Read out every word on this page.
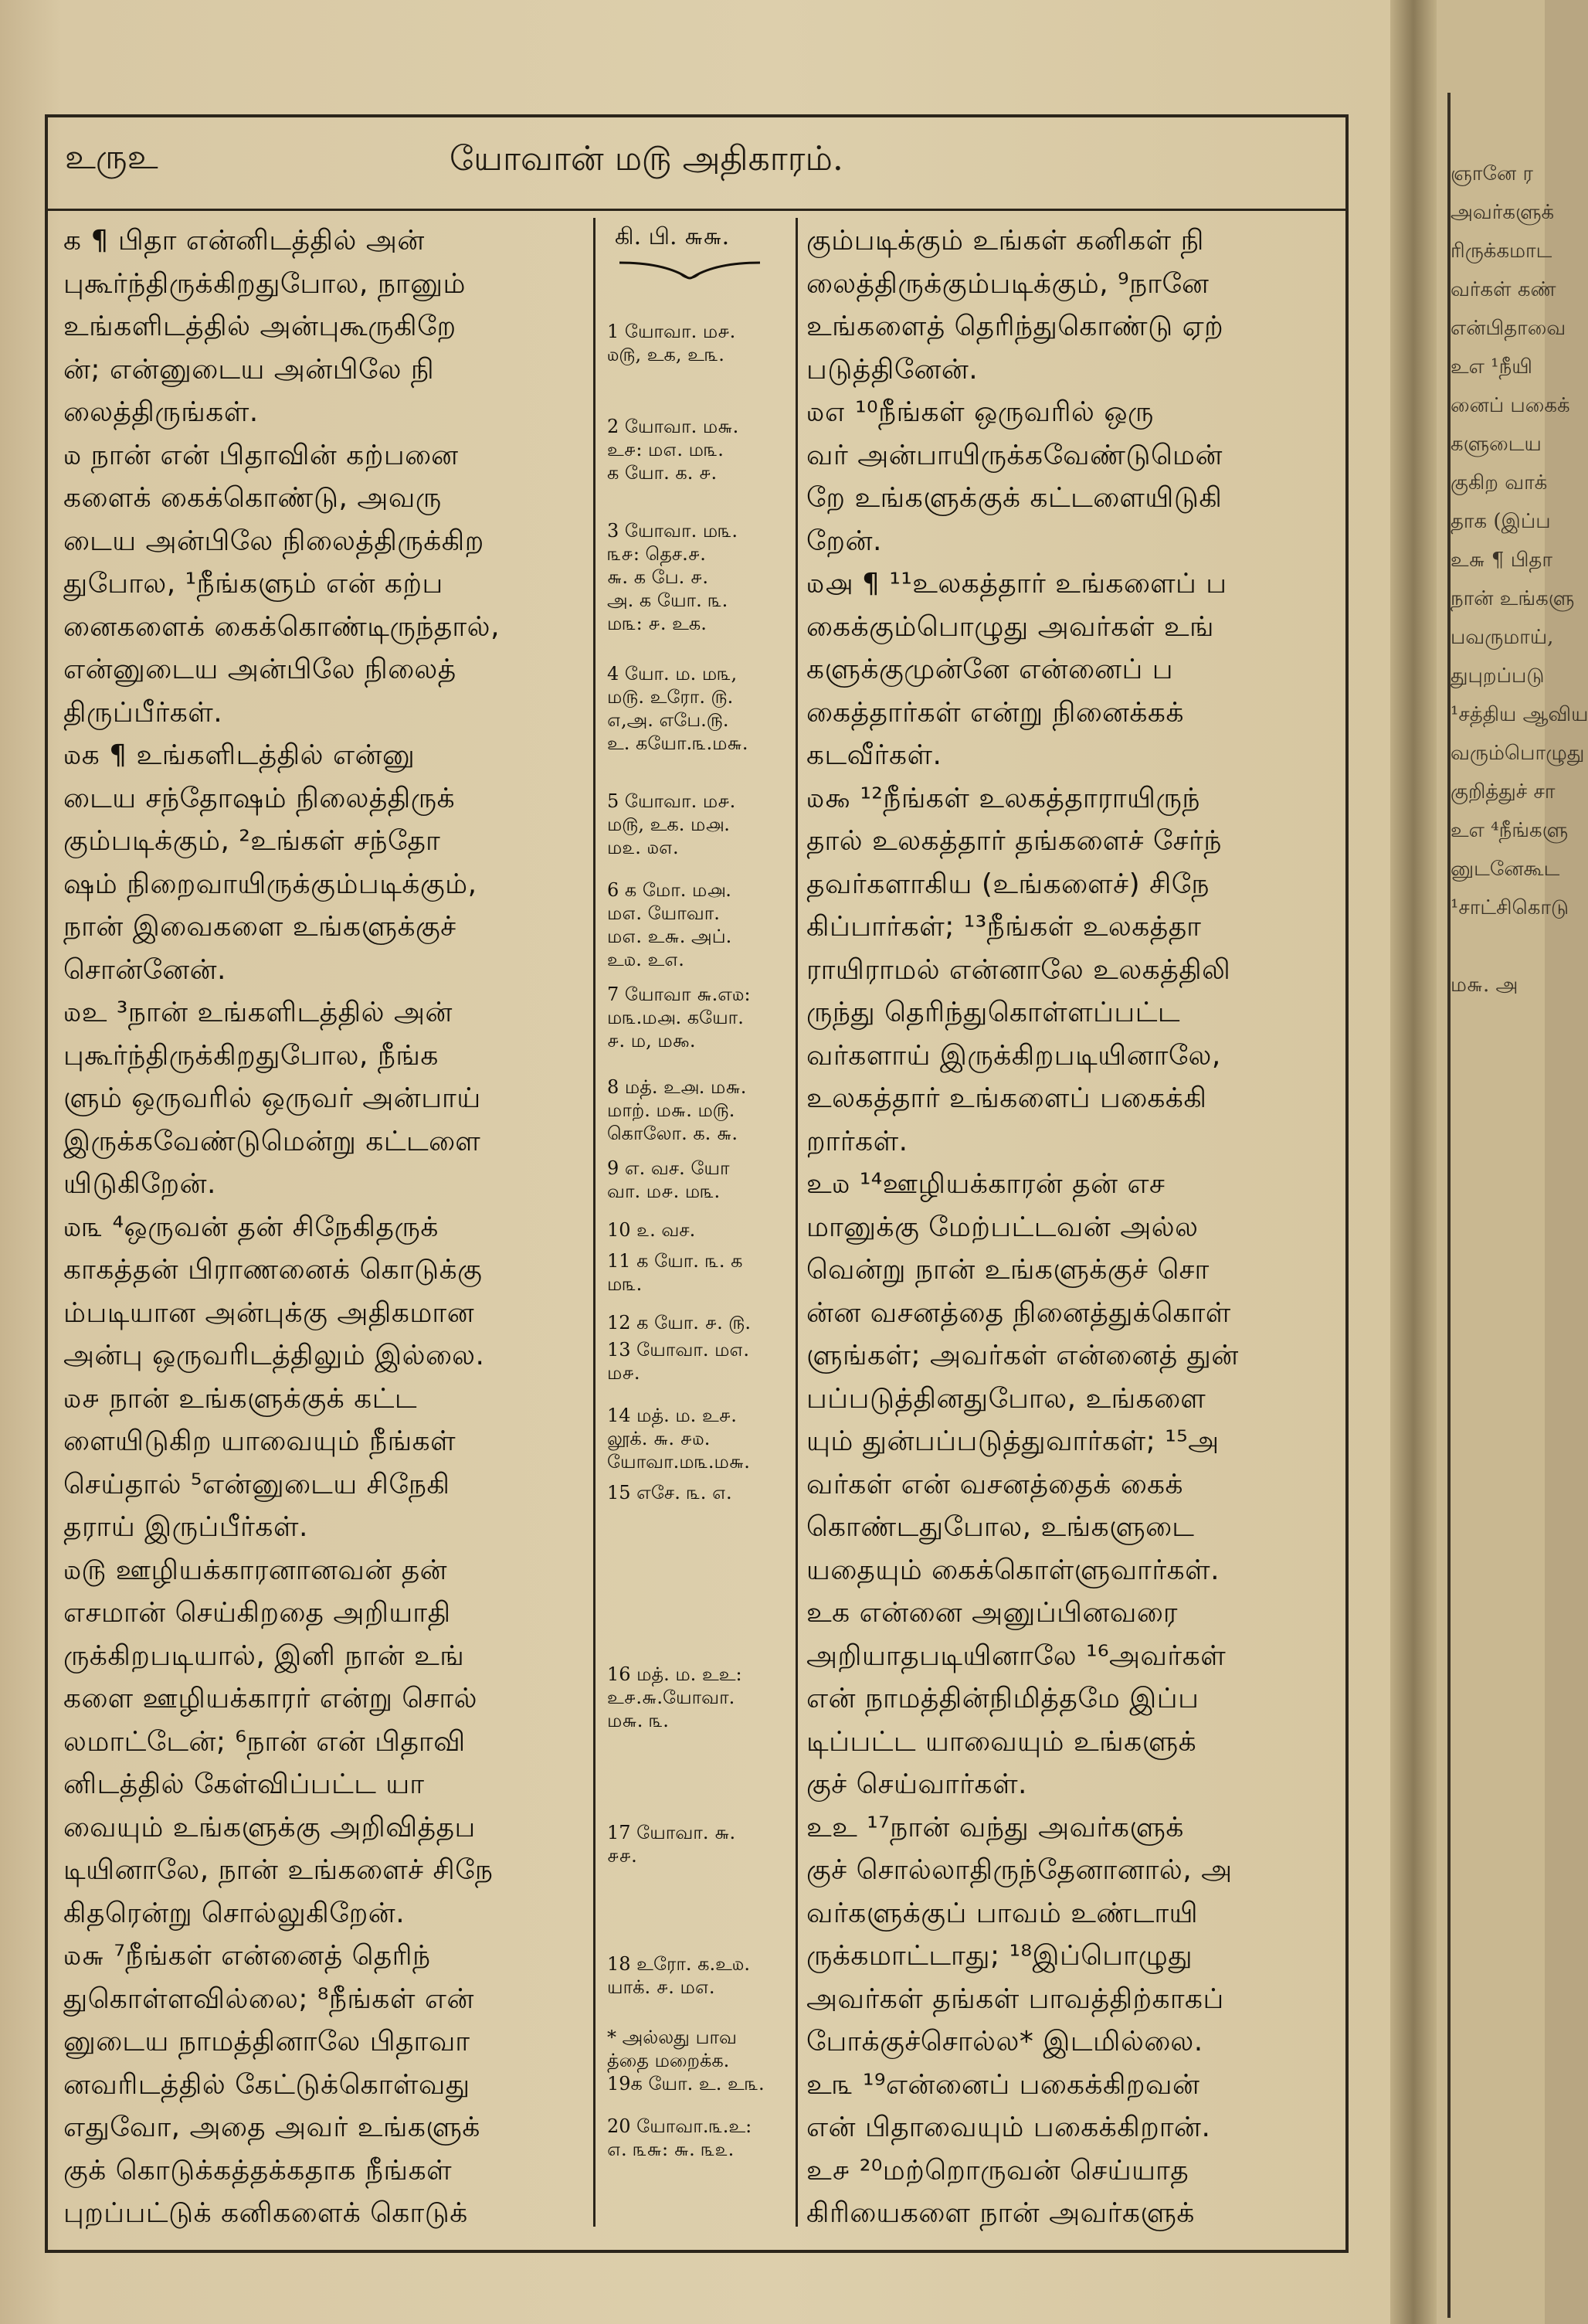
ஞானே ர
அவர்களுக்
ரிருக்கமாட
வர்கள் கண்
என்பிதாவை
உஎ ¹நீயி
னைப் பகைக்
களுடைய
குகிற வாக்
தாக (இப்ப
உ௬ ¶ பிதா
நான் உங்களு
பவருமாய்,
துபுறப்படு
¹சத்திய ஆவிய
வரும்பொழுது
குறித்துச் சா
உஎ ⁴நீங்களு
னுடனேகூட
¹சாட்சிகொடு
ம௬. அ
உருஉ	யோவான் ம௫ அதிகாரம்.
க ¶ பிதா என்னிடத்தில் அன்
புகூர்ந்திருக்கிறதுபோல, நானும்
உங்களிடத்தில் அன்புகூருகிறே
ன்; என்னுடைய அன்பிலே நி
லைத்திருங்கள்.
௰ நான் என் பிதாவின் கற்பனை
களைக் கைக்கொண்டு, அவரு
டைய அன்பிலே நிலைத்திருக்கிற
துபோல, ¹நீங்களும் என் கற்ப
னைகளைக் கைக்கொண்டிருந்தால்,
என்னுடைய அன்பிலே நிலைத்
திருப்பீர்கள்.
௰க ¶ உங்களிடத்தில் என்னு
டைய சந்தோஷம் நிலைத்திருக்
கும்படிக்கும், ²உங்கள் சந்தோ
ஷம் நிறைவாயிருக்கும்படிக்கும்,
நான் இவைகளை உங்களுக்குச்
சொன்னேன்.
௰உ ³நான் உங்களிடத்தில் அன்
புகூர்ந்திருக்கிறதுபோல, நீங்க
ளும் ஒருவரில் ஒருவர் அன்பாய்
இருக்கவேண்டுமென்று கட்டளை
யிடுகிறேன்.
௰௩ ⁴ஒருவன் தன் சிநேகிதருக்
காகத்தன் பிராணனைக் கொடுக்கு
ம்படியான அன்புக்கு அதிகமான
அன்பு ஒருவரிடத்திலும் இல்லை.
௰௪ நான் உங்களுக்குக் கட்ட
ளையிடுகிற யாவையும் நீங்கள்
செய்தால் ⁵என்னுடைய சிநேகி
தராய் இருப்பீர்கள்.
௰௫ ஊழியக்காரனானவன் தன்
எசமான் செய்கிறதை அறியாதி
ருக்கிறபடியால், இனி நான் உங்
களை ஊழியக்காரர் என்று சொல்
லமாட்டேன்; ⁶நான் என் பிதாவி
னிடத்தில் கேள்விப்பட்ட யா
வையும் உங்களுக்கு அறிவித்தப
டியினாலே, நான் உங்களைச் சிநே
கிதரென்று சொல்லுகிறேன்.
௰௬ ⁷நீங்கள் என்னைத் தெரிந்
துகொள்ளவில்லை; ⁸நீங்கள் என்
னுடைய நாமத்தினாலே பிதாவா
னவரிடத்தில் கேட்டுக்கொள்வது
எதுவோ, அதை அவர் உங்களுக்
குக் கொடுக்கத்தக்கதாக நீங்கள்
புறப்பட்டுக் கனிகளைக் கொடுக்
கி. பி. ௬௬.
1 யோவா. ம௪.
௰௫, உக, உ௩.
2 யோவா. ம௬.
உ௪: ம௭. ம௩.
க யோ. க. ௪.
3 யோவா. ம௩.
௩௪: தெச.௪.
௬. க பே. ௪.
அ. க யோ. ௩.
ம௩: ௪. உக.
4 யோ. ம. ம௩,
ம௫. உரோ. ௫.
௭,அ. எபே.௫.
உ. கயோ.௩.ம௬.
5 யோவா. ம௪.
ம௫, உக. ம௮.
ம௨. ௰௭.
6 க மோ. ம௮.
ம௭. யோவா.
ம௭. உ௬. அப்.
உ௰. உ௭.
7 யோவா ௬.எ௰:
ம௩.ம௮. கயோ.
௪. ம, ம௯.
8 மத். உ௮. ம௬.
மாற். ம௬. ம௫.
கொலோ. க. ௬.
9 எ. வச. யோ
வா. ம௪. ம௩.
10 ௨. வச.
11 க யோ. ௩. க
ம௩.
12 க யோ. ௪. ௫.
13 யோவா. ம௭.
ம௪.
14 மத். ம. உ௪.
லூக். ௬. ௪௰.
யோவா.ம௩.ம௬.
15 எசே. ௩. ௭.
16 மத். ம. உஉ:
உ௪.௬.யோவா.
ம௬. ௩.
17 யோவா. ௬.
௪௪.
18 உரோ. க.உ௰.
யாக். ௪. ம௭.
* அல்லது பாவ
த்தை மறைக்க.
19க யோ. உ. உ௩.
20 யோவா.௩.உ:
௭. ௩௬: ௬. ௩௨.
கும்படிக்கும் உங்கள் கனிகள் நி
லைத்திருக்கும்படிக்கும், ⁹நானே
உங்களைத் தெரிந்துகொண்டு ஏற்
படுத்தினேன்.
௰௭ ¹⁰நீங்கள் ஒருவரில் ஒரு
வர் அன்பாயிருக்கவேண்டுமென்
றே உங்களுக்குக் கட்டளையிடுகி
றேன்.
௰௮ ¶ ¹¹உலகத்தார் உங்களைப் ப
கைக்கும்பொழுது அவர்கள் உங்
களுக்குமுன்னே என்னைப் ப
கைத்தார்கள் என்று நினைக்கக்
கடவீர்கள்.
௰௯ ¹²நீங்கள் உலகத்தாராயிருந்
தால் உலகத்தார் தங்களைச் சேர்ந்
தவர்களாகிய (உங்களைச்) சிநே
கிப்பார்கள்; ¹³நீங்கள் உலகத்தா
ராயிராமல் என்னாலே உலகத்திலி
ருந்து தெரிந்துகொள்ளப்பட்ட
வர்களாய் இருக்கிறபடியினாலே,
உலகத்தார் உங்களைப் பகைக்கி
றார்கள்.
உ௰ ¹⁴ஊழியக்காரன் தன் எச
மானுக்கு மேற்பட்டவன் அல்ல
வென்று நான் உங்களுக்குச் சொ
ன்ன வசனத்தை நினைத்துக்கொள்
ளுங்கள்; அவர்கள் என்னைத் துன்
பப்படுத்தினதுபோல, உங்களை
யும் துன்பப்படுத்துவார்கள்; ¹⁵அ
வர்கள் என் வசனத்தைக் கைக்
கொண்டதுபோல, உங்களுடை
யதையும் கைக்கொள்ளுவார்கள்.
உக என்னை அனுப்பினவரை
அறியாதபடியினாலே ¹⁶அவர்கள்
என் நாமத்தின்நிமித்தமே இப்ப
டிப்பட்ட யாவையும் உங்களுக்
குச் செய்வார்கள்.
உஉ ¹⁷நான் வந்து அவர்களுக்
குச் சொல்லாதிருந்தேனானால், அ
வர்களுக்குப் பாவம் உண்டாயி
ருக்கமாட்டாது; ¹⁸இப்பொழுது
அவர்கள் தங்கள் பாவத்திற்காகப்
போக்குச்சொல்ல* இடமில்லை.
உ௩ ¹⁹என்னைப் பகைக்கிறவன்
என் பிதாவையும் பகைக்கிறான்.
உ௪ ²⁰மற்றொருவன் செய்யாத
கிரியைகளை நான் அவர்களுக்
